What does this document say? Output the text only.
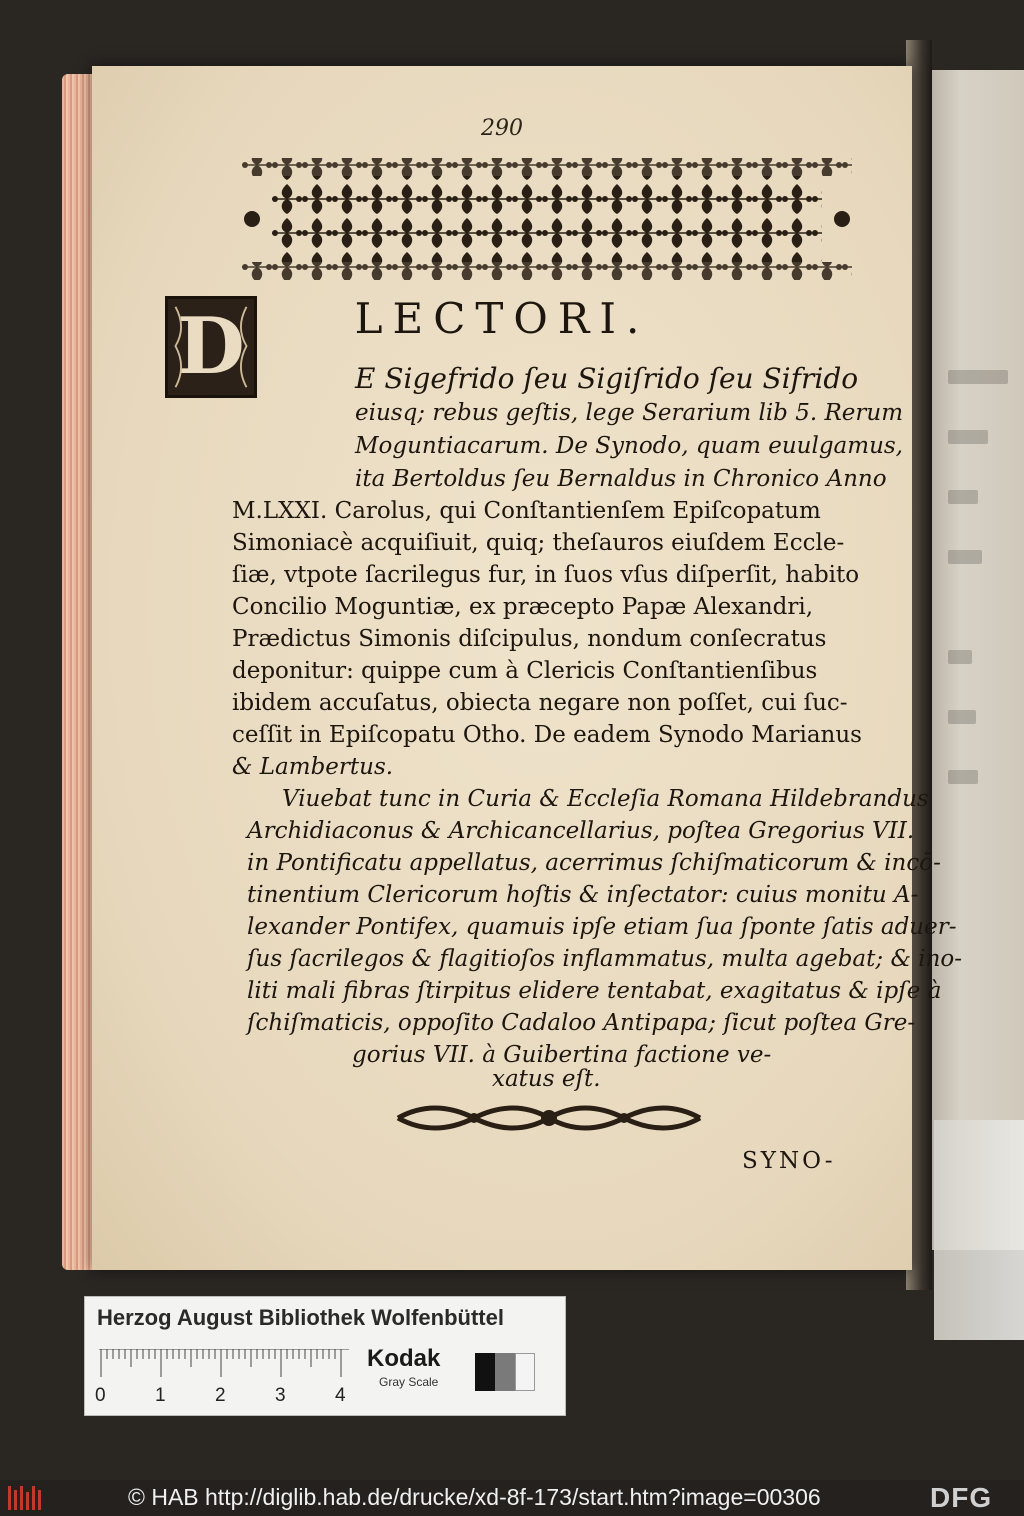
290
LECTORI.
D	E Sigefrido ſeu Sigiſrido ſeu Sifrido
eiusq; rebus geſtis, lege Serarium lib 5. Rerum
Moguntiacarum. De Synodo, quam euulgamus,
ita Bertoldus ſeu Bernaldus in Chronico Anno
M.LXXI. Carolus, qui Conſtantienſem Epiſcopatum
Simoniacè acquiſiuit, quiq; theſauros eiuſdem Eccle-
ſiæ, vtpote ſacrilegus fur, in ſuos vſus diſperſit, habito
Concilio Moguntiæ, ex præcepto Papæ Alexandri,
Prædictus Simonis diſcipulus, nondum conſecratus
deponitur: quippe cum à Clericis Conſtantienſibus
ibidem accuſatus, obiecta negare non poſſet, cui ſuc-
ceſſit in Epiſcopatu Otho. De eadem Synodo Marianus
& Lambertus.
Viuebat tunc in Curia & Eccleſia Romana Hildebrandus
Archidiaconus & Archicancellarius, poſtea Gregorius VII.
in Pontificatu appellatus, acerrimus ſchiſmaticorum & incō-
tinentium Clericorum hoſtis & inſectator: cuius monitu A-
lexander Pontifex, quamuis ipſe etiam ſua ſponte ſatis aduer-
ſus ſacrilegos & flagitioſos inflammatus, multa agebat; & ino-
liti mali fibras ſtirpitus elidere tentabat, exagitatus & ipſe à
ſchiſmaticis, oppoſito Cadaloo Antipapa; ſicut poſtea Gre-
gorius VII. à Guibertina factione ve-
xatus eſt.
SYNO-
Herzog August Bibliothek Wolfenbüttel
0	1	2	3	4
Kodak
Gray Scale
© HAB http://diglib.hab.de/drucke/xd-8f-173/start.htm?image=00306	DFG
